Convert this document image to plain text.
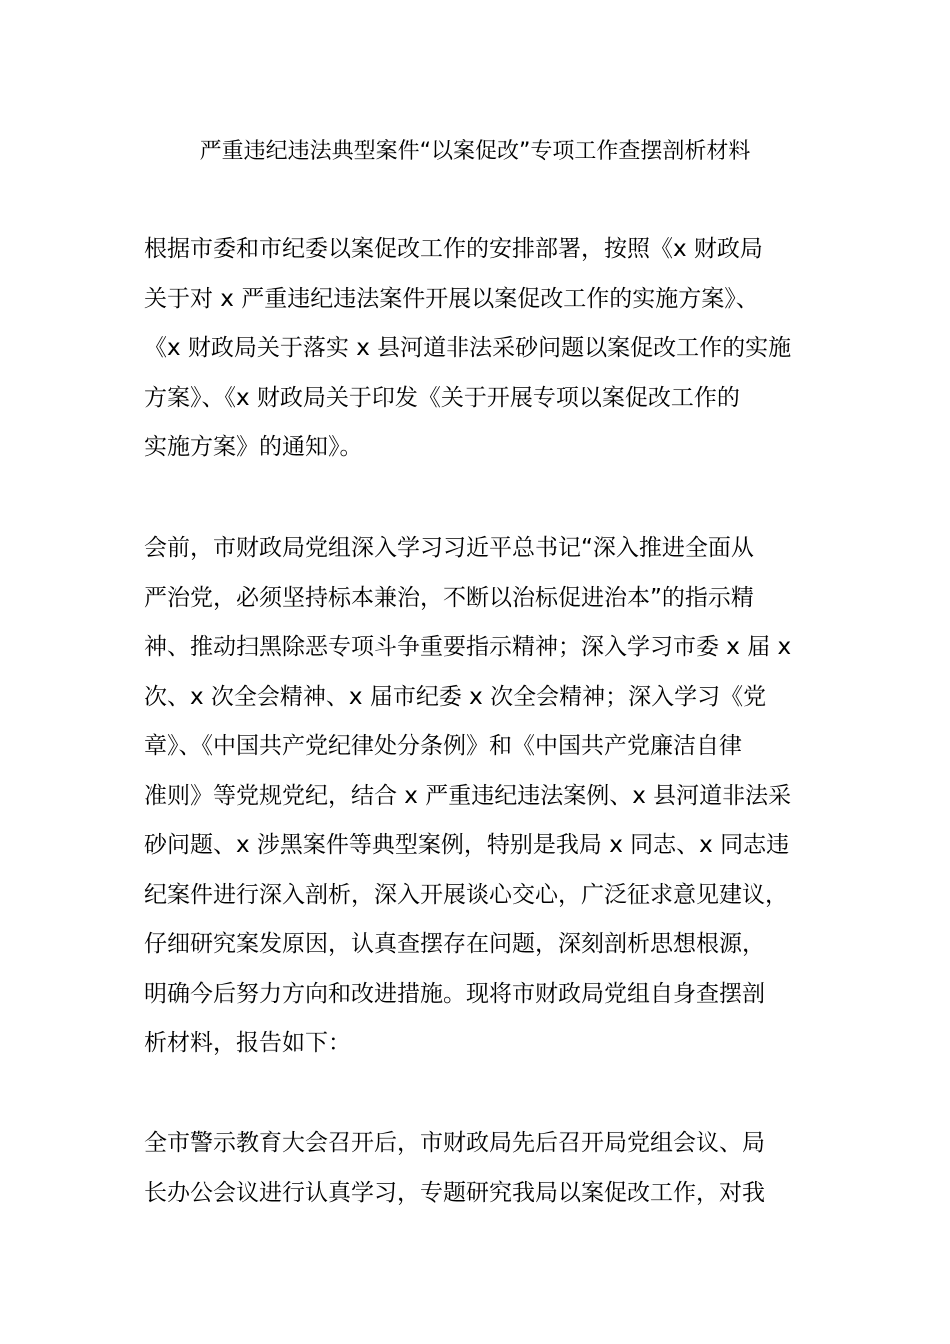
严重违纪违法典型案件“以案促改”专项工作查摆剖析材料
根据市委和市纪委以案促改工作的安排部署，按照《x 财政局
关于对 x 严重违纪违法案件开展以案促改工作的实施方案》、
《x 财政局关于落实 x 县河道非法采砂问题以案促改工作的实施
方案》、《x 财政局关于印发《关于开展专项以案促改工作的
实施方案》的通知》。
会前，市财政局党组深入学习习近平总书记“深入推进全面从
严治党，必须坚持标本兼治，不断以治标促进治本”的指示精
神、推动扫黑除恶专项斗争重要指示精神；深入学习市委 x 届 x
次、x 次全会精神、x 届市纪委 x 次全会精神；深入学习《党
章》、《中国共产党纪律处分条例》和《中国共产党廉洁自律
准则》等党规党纪，结合 x 严重违纪违法案例、x 县河道非法采
砂问题、x 涉黑案件等典型案例，特别是我局 x 同志、x 同志违
纪案件进行深入剖析，深入开展谈心交心，广泛征求意见建议，
仔细研究案发原因，认真查摆存在问题，深刻剖析思想根源，
明确今后努力方向和改进措施。现将市财政局党组自身查摆剖
析材料，报告如下：
全市警示教育大会召开后，市财政局先后召开局党组会议、局
长办公会议进行认真学习，专题研究我局以案促改工作，对我
